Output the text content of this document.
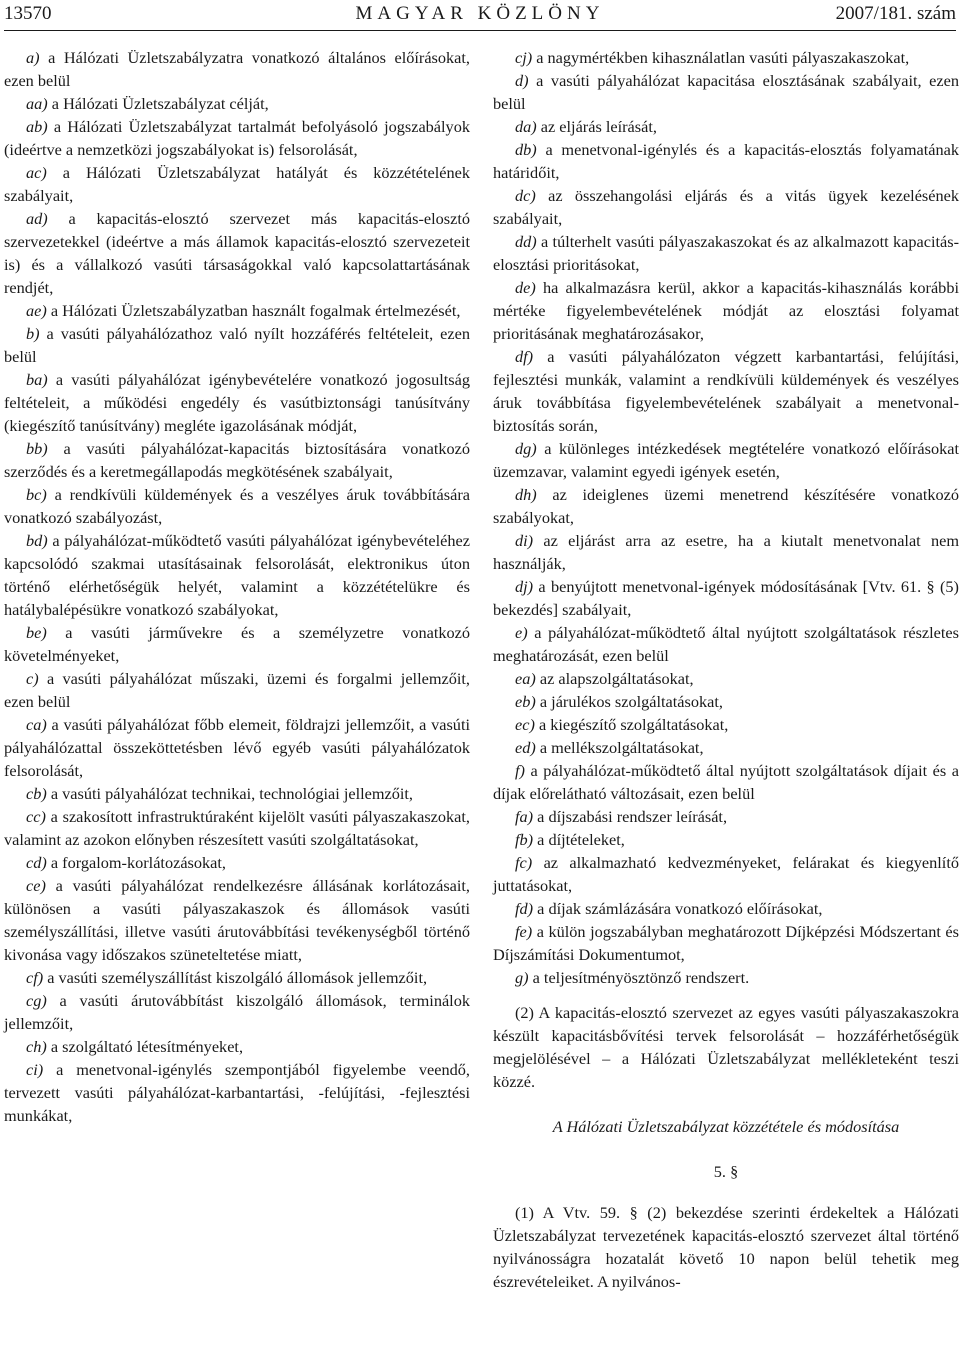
13570	MAGYAR KÖZLÖNY	2007/181. szám

a) a Hálózati Üzletszabályzatra vonatkozó általános előírásokat, ezen belül

aa) a Hálózati Üzletszabályzat célját,

ab) a Hálózati Üzletszabályzat tartalmát befolyásoló jogszabályok (ideértve a nemzetközi jogszabályokat is) felsorolását,

ac) a Hálózati Üzletszabályzat hatályát és közzétételének szabályait,

ad) a kapacitás-elosztó szervezet más kapacitás-elosztó szervezetekkel (ideértve a más államok kapacitás-elosztó szervezeteit is) és a vállalkozó vasúti társaságokkal való kapcsolattartásának rendjét,

ae) a Hálózati Üzletszabályzatban használt fogalmak értelmezését,

b) a vasúti pályahálózathoz való nyílt hozzáférés feltételeit, ezen belül

ba) a vasúti pályahálózat igénybevételére vonatkozó jogosultság feltételeit, a működési engedély és vasútbiztonsági tanúsítvány (kiegészítő tanúsítvány) megléte igazolásának módját,

bb) a vasúti pályahálózat-kapacitás biztosítására vonatkozó szerződés és a keretmegállapodás megkötésének szabályait,

bc) a rendkívüli küldemények és a veszélyes áruk továbbítására vonatkozó szabályozást,

bd) a pályahálózat-működtető vasúti pályahálózat igénybevételéhez kapcsolódó szakmai utasításainak felsorolását, elektronikus úton történő elérhetőségük helyét, valamint a közzétételükre és hatálybalépésükre vonatkozó szabályokat,

be) a vasúti járművekre és a személyzetre vonatkozó követelményeket,

c) a vasúti pályahálózat műszaki, üzemi és forgalmi jellemzőit, ezen belül

ca) a vasúti pályahálózat főbb elemeit, földrajzi jellemzőit, a vasúti pályahálózattal összeköttetésben lévő egyéb vasúti pályahálózatok felsorolását,

cb) a vasúti pályahálózat technikai, technológiai jellemzőit,

cc) a szakosított infrastruktúraként kijelölt vasúti pályaszakaszokat, valamint az azokon előnyben részesített vasúti szolgáltatásokat,

cd) a forgalom-korlátozásokat,

ce) a vasúti pályahálózat rendelkezésre állásának korlátozásait, különösen a vasúti pályaszakaszok és állomások vasúti személyszállítási, illetve vasúti árutovábbítási tevékenységből történő kivonása vagy időszakos szüneteltetése miatt,

cf) a vasúti személyszállítást kiszolgáló állomások jellemzőit,

cg) a vasúti árutovábbítást kiszolgáló állomások, terminálok jellemzőit,

ch) a szolgáltató létesítményeket,

ci) a menetvonal-igénylés szempontjából figyelembe veendő, tervezett vasúti pályahálózat-karbantartási, -felújítási, -fejlesztési munkákat,

cj) a nagymértékben kihasználatlan vasúti pályaszakaszokat,

d) a vasúti pályahálózat kapacitása elosztásának szabályait, ezen belül

da) az eljárás leírását,

db) a menetvonal-igénylés és a kapacitás-elosztás folyamatának határidőit,

dc) az összehangolási eljárás és a vitás ügyek kezelésének szabályait,

dd) a túlterhelt vasúti pályaszakaszokat és az alkalmazott kapacitás-elosztási prioritásokat,

de) ha alkalmazásra kerül, akkor a kapacitás-kihasználás korábbi mértéke figyelembevételének módját az elosztási folyamat prioritásának meghatározásakor,

df) a vasúti pályahálózaton végzett karbantartási, felújítási, fejlesztési munkák, valamint a rendkívüli küldemények és veszélyes áruk továbbítása figyelembevételének szabályait a menetvonal-biztosítás során,

dg) a különleges intézkedések megtételére vonatkozó előírásokat üzemzavar, valamint egyedi igények esetén,

dh) az ideiglenes üzemi menetrend készítésére vonatkozó szabályokat,

di) az eljárást arra az esetre, ha a kiutalt menetvonalat nem használják,

dj) a benyújtott menetvonal-igények módosításának [Vtv. 61. § (5) bekezdés] szabályait,

e) a pályahálózat-működtető által nyújtott szolgáltatások részletes meghatározását, ezen belül

ea) az alapszolgáltatásokat,

eb) a járulékos szolgáltatásokat,

ec) a kiegészítő szolgáltatásokat,

ed) a mellékszolgáltatásokat,

f) a pályahálózat-működtető által nyújtott szolgáltatások díjait és a díjak előrelátható változásait, ezen belül

fa) a díjszabási rendszer leírását,

fb) a díjtételeket,

fc) az alkalmazható kedvezményeket, felárakat és kiegyenlítő juttatásokat,

fd) a díjak számlázására vonatkozó előírásokat,

fe) a külön jogszabályban meghatározott Díjképzési Módszertant és Díjszámítási Dokumentumot,

g) a teljesítményösztönző rendszert.

(2) A kapacitás-elosztó szervezet az egyes vasúti pályaszakaszokra készült kapacitásbővítési tervek felsorolását – hozzáférhetőségük megjelölésével – a Hálózati Üzletszabályzat mellékleteként teszi közzé.

A Hálózati Üzletszabályzat közzététele és módosítása

5. §

(1) A Vtv. 59. § (2) bekezdése szerinti érdekeltek a Hálózati Üzletszabályzat tervezetének kapacitás-elosztó szervezet által történő nyilvánosságra hozatalát követő 10 napon belül tehetik meg észrevételeiket. A nyilvános-
